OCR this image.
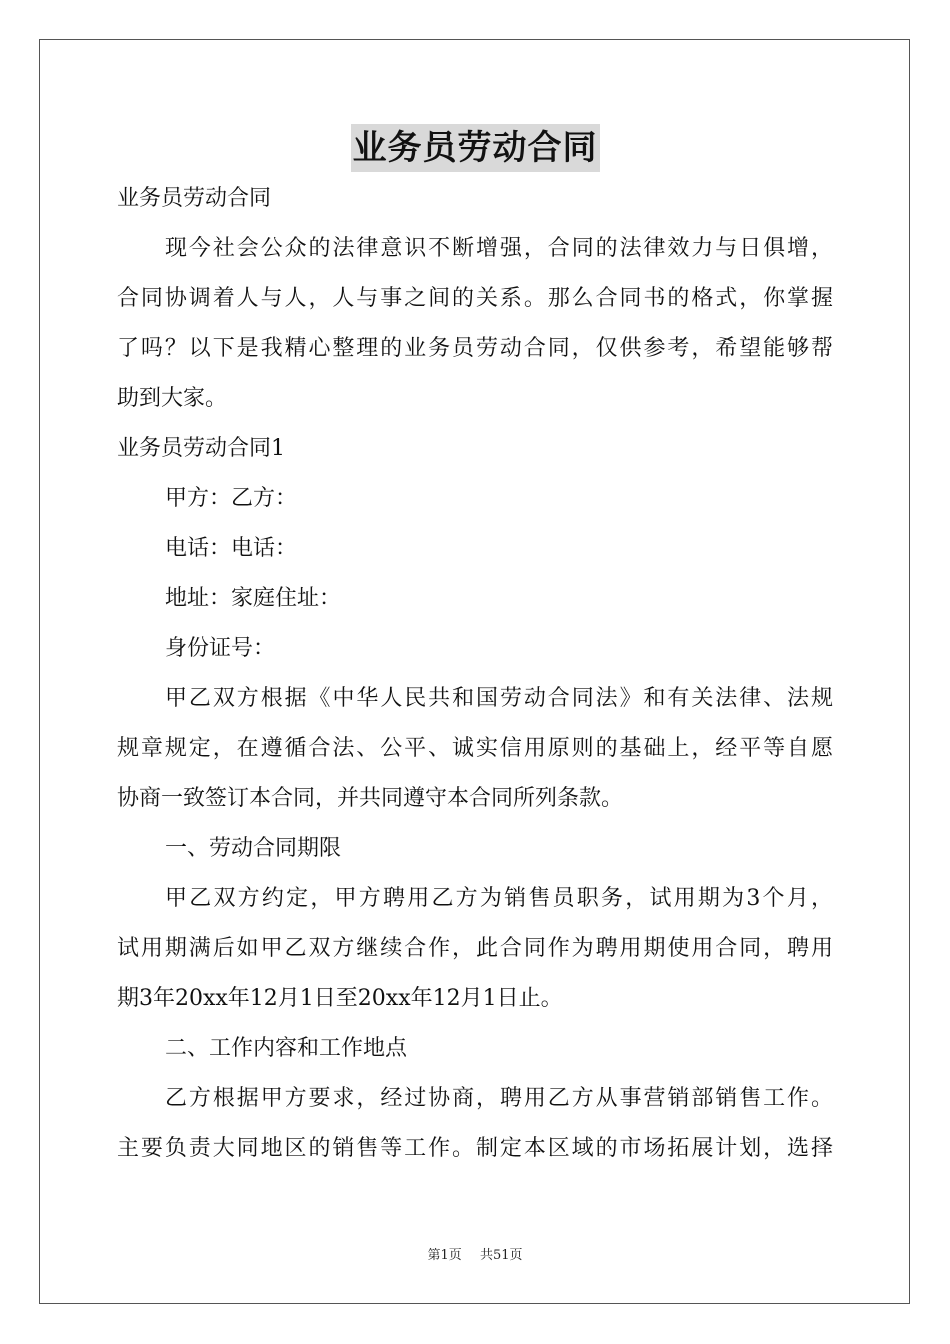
业务员劳动合同
业务员劳动合同
现今社会公众的法律意识不断增强，合同的法律效力与日俱增，
合同协调着人与人，人与事之间的关系。那么合同书的格式，你掌握
了吗？以下是我精心整理的业务员劳动合同，仅供参考，希望能够帮
助到大家。
业务员劳动合同1
甲方：乙方：
电话：电话：
地址：家庭住址：
身份证号：
甲乙双方根据《中华人民共和国劳动合同法》和有关法律、法规
规章规定，在遵循合法、公平、诚实信用原则的基础上，经平等自愿
协商一致签订本合同，并共同遵守本合同所列条款。
一、劳动合同期限
甲乙双方约定，甲方聘用乙方为销售员职务，试用期为3个月，
试用期满后如甲乙双方继续合作，此合同作为聘用期使用合同，聘用
期3年20xx年12月1日至20xx年12月1日止。
二、工作内容和工作地点
乙方根据甲方要求，经过协商，聘用乙方从事营销部销售工作。
主要负责大同地区的销售等工作。制定本区域的市场拓展计划，选择
第1页 共51页
